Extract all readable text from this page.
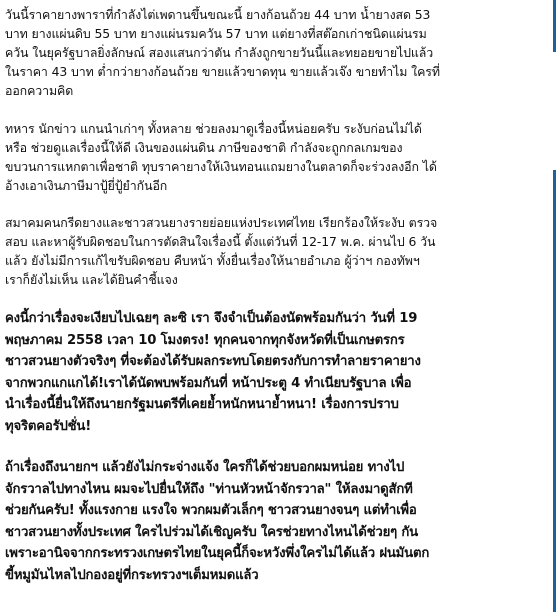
วันนี้ราคายางพาราที่กำลังไต่เพดานขึ้นขณะนี้ ยางก้อนถ้วย 44 บาท น้ำยางสด 53
บาท ยางแผ่นดิบ 55 บาท ยางแผ่นรมควัน 57 บาท แต่ยางที่สต๊อกเก่าชนิดแผ่นรม
ควัน ในยุครัฐบาลยิ่งลักษณ์ สองแสนกว่าตัน กำลังถูกขายวันนี้และทยอยขายไปแล้ว
ในราคา 43 บาท ต่ำกว่ายางก้อนถ้วย ขายแล้วขาดทุน ขายแล้วเจ๊ง ขายทำไม ใครที่
ออกความคิด

ทหาร นักข่าว แกนนำเก่าๆ ทั้งหลาย ช่วยลงมาดูเรื่องนี้หน่อยครับ ระงับก่อนไม่ได้
หรือ ช่วยดูแลเรื่องนี้ให้ดี เงินของแผ่นดิน ภาษีของชาติ กำลังจะถูกกลเกมของ
ขบวนการแหกตาเพื่อชาติ ทุบราคายางให้เงินทอนแถมยางในตลาดก็จะร่วงลงอีก ได้
อ้างเอาเงินภาษีมาปู้ยี่ปู้ยำกันอีก

สมาคมคนกรีดยางและชาวสวนยางรายย่อยแห่งประเทศไทย เรียกร้องให้ระงับ ตรวจ
สอบ และหาผู้รับผิดชอบในการตัดสินใจเรื่องนี้ ตั้งแต่วันที่ 12-17 พ.ค. ผ่านไป 6 วัน
แล้ว ยังไม่มีการแก้ไขรับผิดชอบ คืบหน้า ทั้งยื่นเรื่องให้นายอำเภอ ผู้ว่าฯ กองทัพฯ
เราก็ยังไม่เห็น และได้ยินคำชี้แจง

คงนี้กว่าเรื่องจะเงียบไปเฉยๆ ละซิ เรา จึงจำเป็นต้องนัดพร้อมกันว่า วันที่ 19
พฤษภาคม 2558 เวลา 10 โมงตรง! ทุกคนจากทุกจังหวัดที่เป็นเกษตรกร
ชาวสวนยางตัวจริงๆ ที่จะต้องได้รับผลกระทบโดยตรงกับการทำลายราคายาง
จากพวกแกแกได้!เราได้นัดพบพร้อมกันที่ หน้าประตู 4 ทำเนียบรัฐบาล เพื่อ
นำเรื่องนี้ยื่นให้ถึงนายกรัฐมนตรีที่เคยย้ำหนักหนาย้ำหนา! เรื่องการปราบ
ทุจริตคอรัปชั่น!

ถ้าเรื่องถึงนายกฯ แล้วยังไม่กระจ่างแจ้ง ใครก็ได้ช่วยบอกผมหน่อย ทางไป
จักรวาลไปทางไหน ผมจะไปยื่นให้ถึง "ท่านหัวหน้าจักรวาล" ให้ลงมาดูสักที
ช่วยกันครับ! ทั้งแรงกาย แรงใจ พวกผมตัวเล็กๆ ชาวสวนยางจนๆ แต่ทำเพื่อ
ชาวสวนยางทั้งประเทศ ใครไปร่วมได้เชิญครับ ใครช่วยทางไหนได้ช่วยๆ กัน
เพราะอานิจจากกระทรวงเกษตรไทยในยุคนี้ก็จะหวังพึ่งใครไม่ได้แล้ว ฝนมันตก
ขี้หมูมันไหลไปกองอยู่ที่กระทรวงฯเต็มหมดแล้ว
